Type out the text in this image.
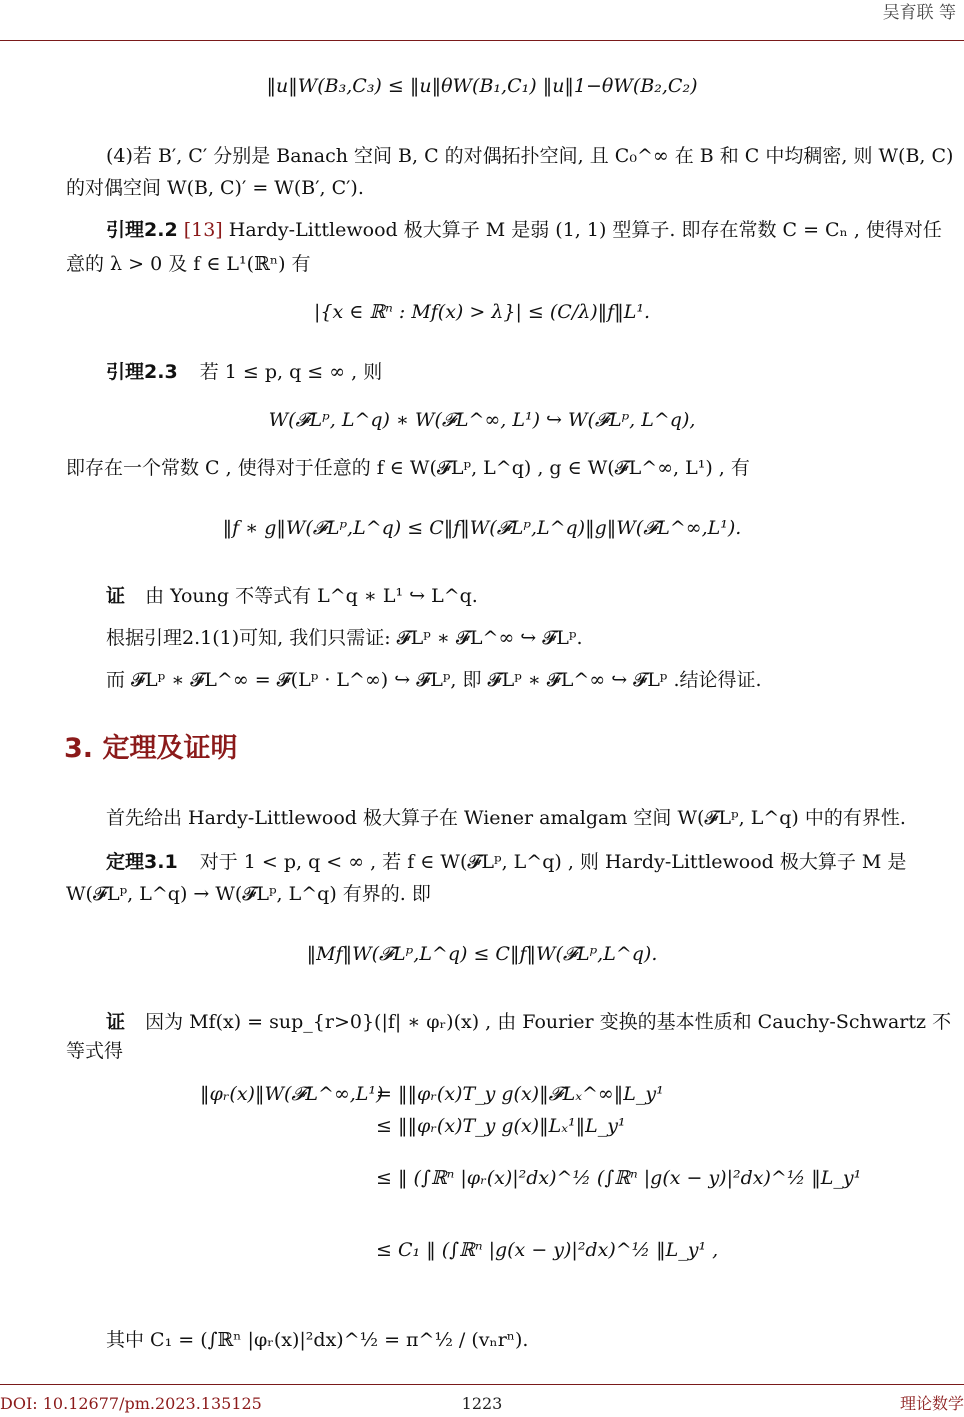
吴育联 等
‖u‖W(B₃,C₃) ≤ ‖u‖θW(B₁,C₁) ‖u‖1−θW(B₂,C₂)
(4)若 B′, C′ 分别是 Banach 空间 B, C 的对偶拓扑空间, 且 C₀^∞ 在 B 和 C 中均稠密, 则 W(B, C)
的对偶空间 W(B, C)′ = W(B′, C′).
引理2.2 [13] Hardy-Littlewood 极大算子 M 是弱 (1, 1) 型算子. 即存在常数 C = Cₙ , 使得对任
意的 λ > 0 及 f ∈ L¹(ℝⁿ) 有
|{x ∈ ℝⁿ : Mf(x) > λ}| ≤ (C/λ)‖f‖L¹.
引理2.3 若 1 ≤ p, q ≤ ∞ , 则
W(𝓕Lᵖ, L^q) ∗ W(𝓕L^∞, L¹) ↪ W(𝓕Lᵖ, L^q),
即存在一个常数 C , 使得对于任意的 f ∈ W(𝓕Lᵖ, L^q) , g ∈ W(𝓕L^∞, L¹) , 有
‖f ∗ g‖W(𝓕Lᵖ,L^q) ≤ C‖f‖W(𝓕Lᵖ,L^q)‖g‖W(𝓕L^∞,L¹).
证 由 Young 不等式有 L^q ∗ L¹ ↪ L^q.
根据引理2.1(1)可知, 我们只需证: 𝓕Lᵖ ∗ 𝓕L^∞ ↪ 𝓕Lᵖ.
而 𝓕Lᵖ ∗ 𝓕L^∞ = 𝓕(Lᵖ · L^∞) ↪ 𝓕Lᵖ, 即 𝓕Lᵖ ∗ 𝓕L^∞ ↪ 𝓕Lᵖ .结论得证.
3. 定理及证明
首先给出 Hardy-Littlewood 极大算子在 Wiener amalgam 空间 W(𝓕Lᵖ, L^q) 中的有界性.
定理3.1 对于 1 < p, q < ∞ , 若 f ∈ W(𝓕Lᵖ, L^q) , 则 Hardy-Littlewood 极大算子 M 是
W(𝓕Lᵖ, L^q) → W(𝓕Lᵖ, L^q) 有界的. 即
‖Mf‖W(𝓕Lᵖ,L^q) ≤ C‖f‖W(𝓕Lᵖ,L^q).
证 因为 Mf(x) = sup_{r>0}(|f| ∗ φᵣ)(x) , 由 Fourier 变换的基本性质和 Cauchy-Schwartz 不等式得
‖φᵣ(x)‖W(𝓕L^∞,L¹) = ‖‖φᵣ(x)T_y g(x)‖𝓕Lₓ^∞‖L_y¹
≤ ‖‖φᵣ(x)T_y g(x)‖Lₓ¹‖L_y¹
≤ ‖ (∫ℝⁿ |φᵣ(x)|²dx)^½ (∫ℝⁿ |g(x − y)|²dx)^½ ‖L_y¹
≤ C₁ ‖ (∫ℝⁿ |g(x − y)|²dx)^½ ‖L_y¹ ,
其中 C₁ = (∫ℝⁿ |φᵣ(x)|²dx)^½ = π^½ / (vₙrⁿ).
1223
DOI: 10.12677/pm.2023.135125	理论数学
